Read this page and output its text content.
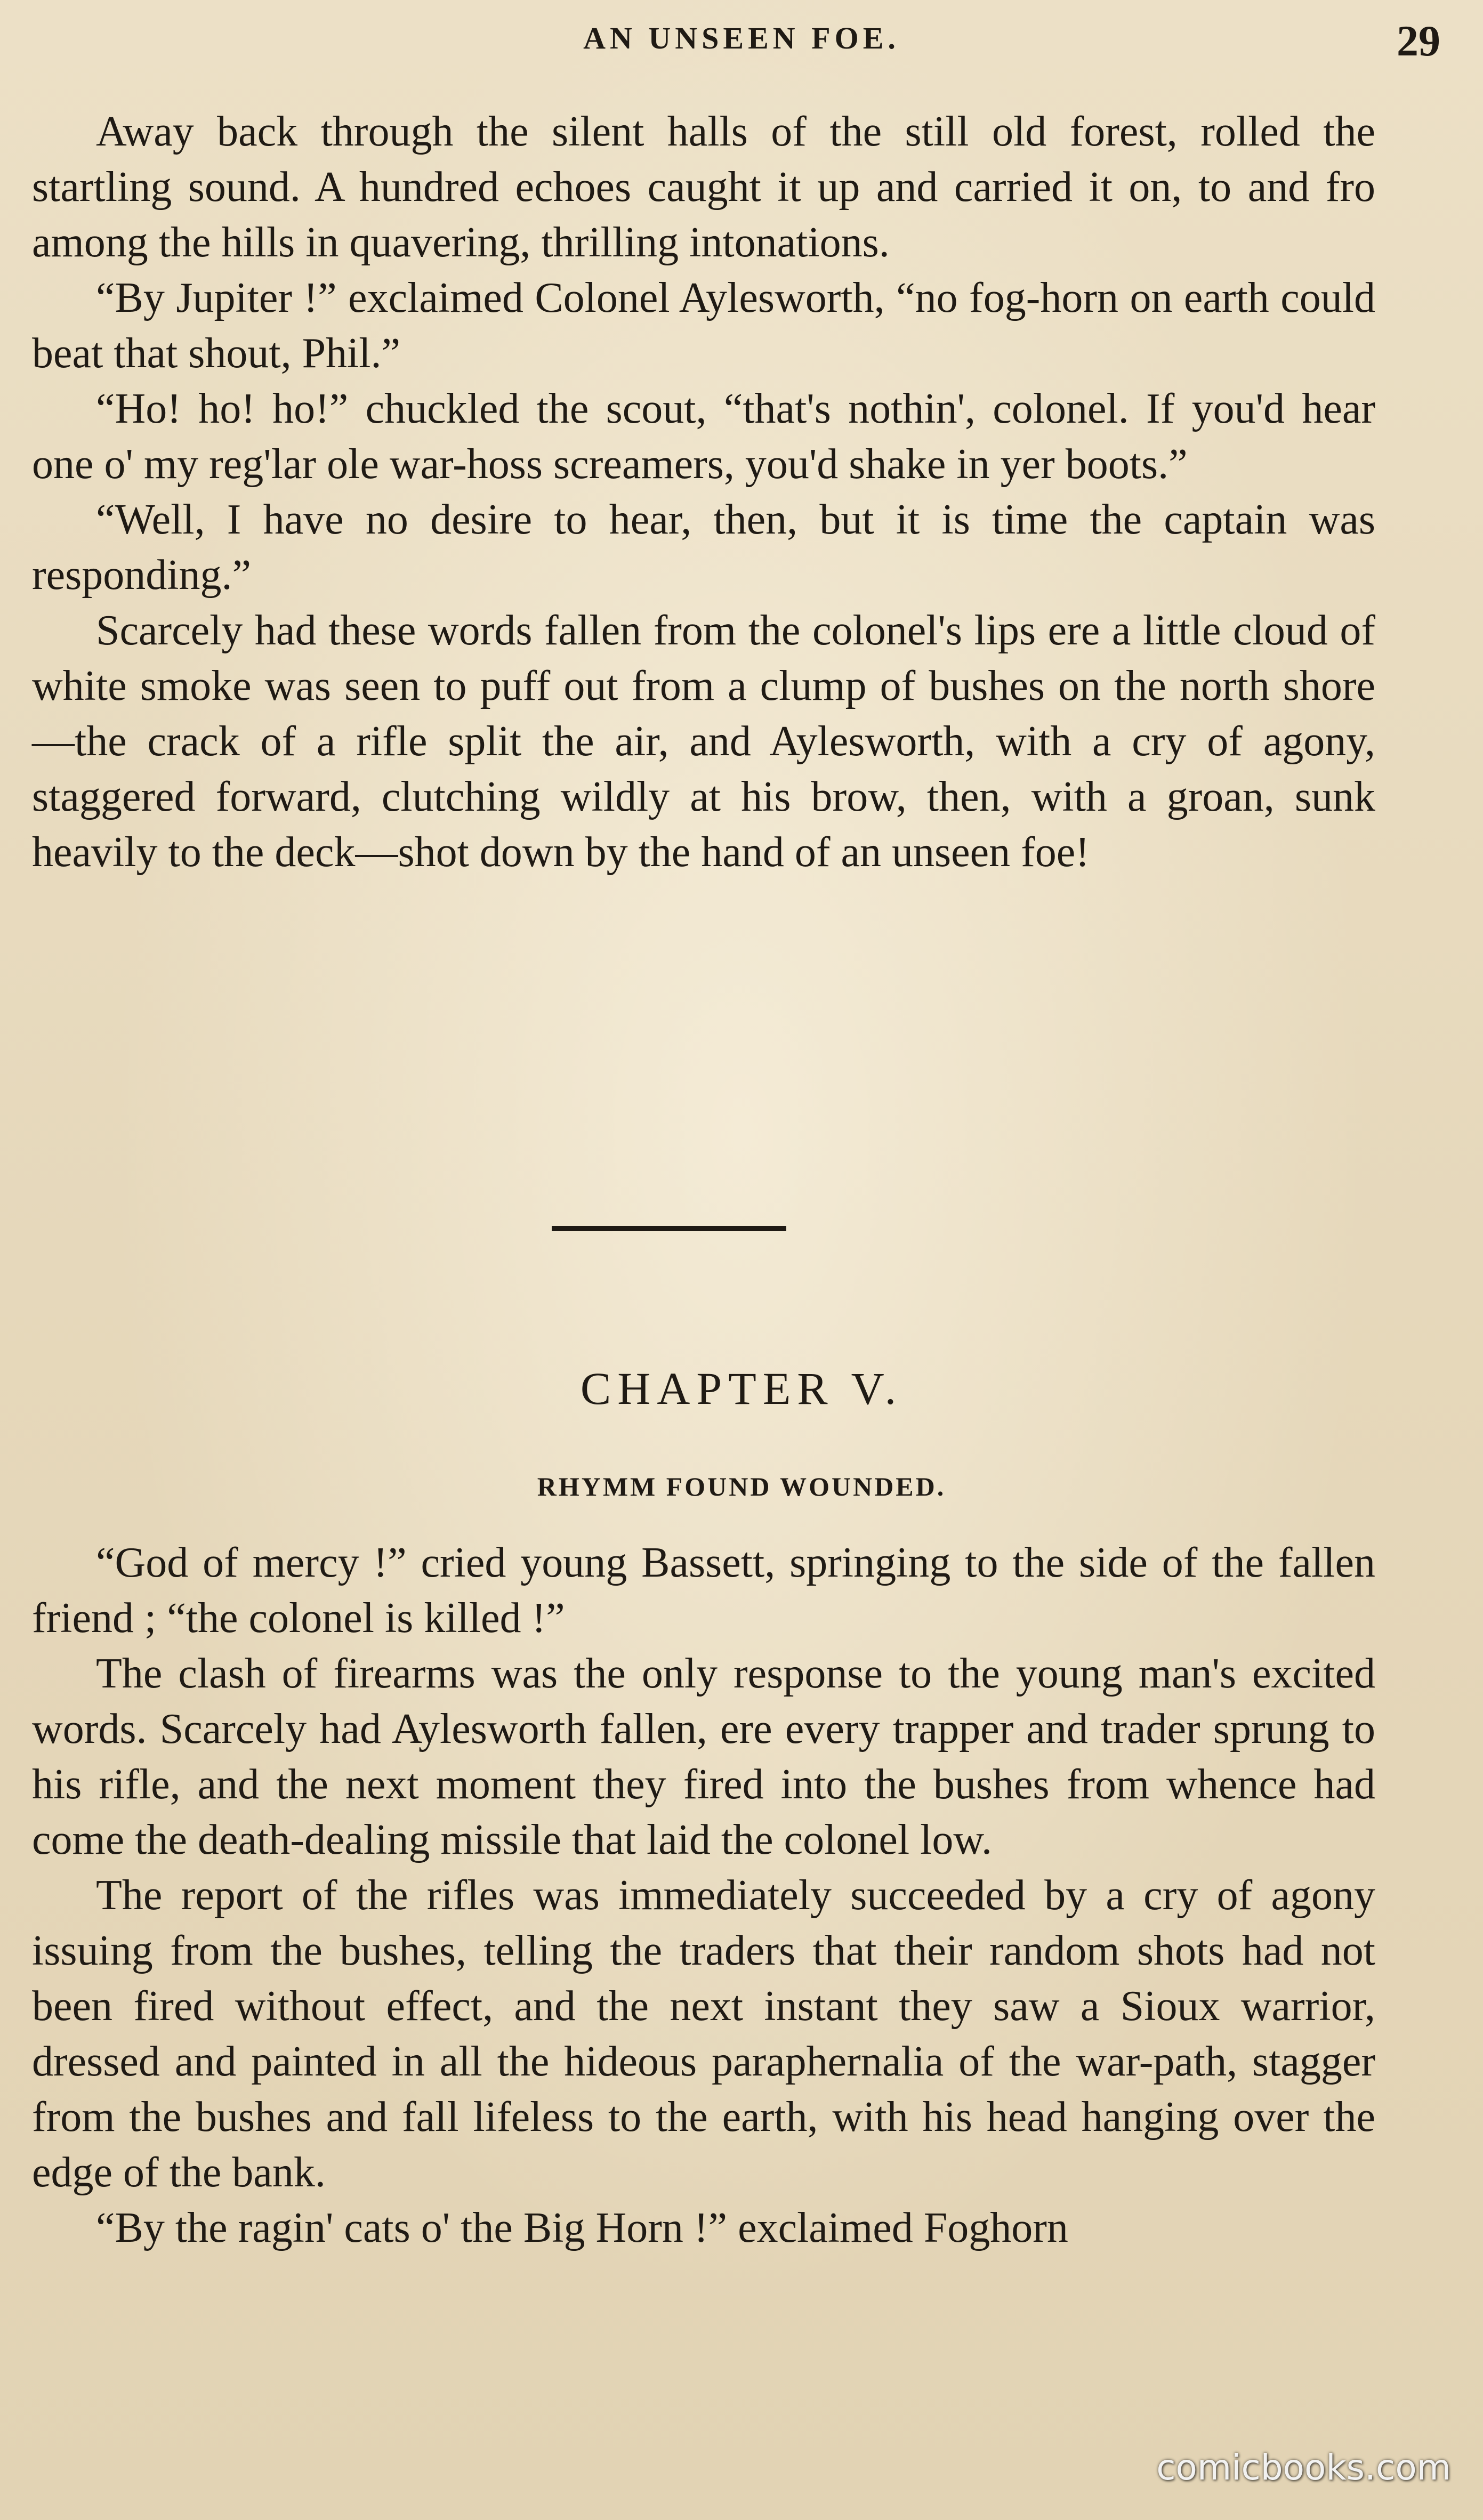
AN UNSEEN FOE.	29

Away back through the silent halls of the still old forest, rolled the startling sound. A hundred echoes caught it up and carried it on, to and fro among the hills in quavering, thrilling intonations.

“By Jupiter !” exclaimed Colonel Aylesworth, “no fog-horn on earth could beat that shout, Phil.”

“Ho! ho! ho!” chuckled the scout, “that's nothin', colonel. If you'd hear one o' my reg'lar ole war-hoss screamers, you'd shake in yer boots.”

“Well, I have no desire to hear, then, but it is time the captain was responding.”

Scarcely had these words fallen from the colonel's lips ere a little cloud of white smoke was seen to puff out from a clump of bushes on the north shore—the crack of a rifle split the air, and Aylesworth, with a cry of agony, staggered forward, clutching wildly at his brow, then, with a groan, sunk heavily to the deck—shot down by the hand of an unseen foe!

CHAPTER V.
RHYMM FOUND WOUNDED.

“God of mercy !” cried young Bassett, springing to the side of the fallen friend ; “the colonel is killed !”

The clash of firearms was the only response to the young man's excited words. Scarcely had Aylesworth fallen, ere every trapper and trader sprung to his rifle, and the next moment they fired into the bushes from whence had come the death-dealing missile that laid the colonel low.

The report of the rifles was immediately succeeded by a cry of agony issuing from the bushes, telling the traders that their random shots had not been fired without effect, and the next instant they saw a Sioux warrior, dressed and painted in all the hideous paraphernalia of the war-path, stagger from the bushes and fall lifeless to the earth, with his head hanging over the edge of the bank.

“By the ragin' cats o' the Big Horn !” exclaimed Foghorn

comicbooks.com
